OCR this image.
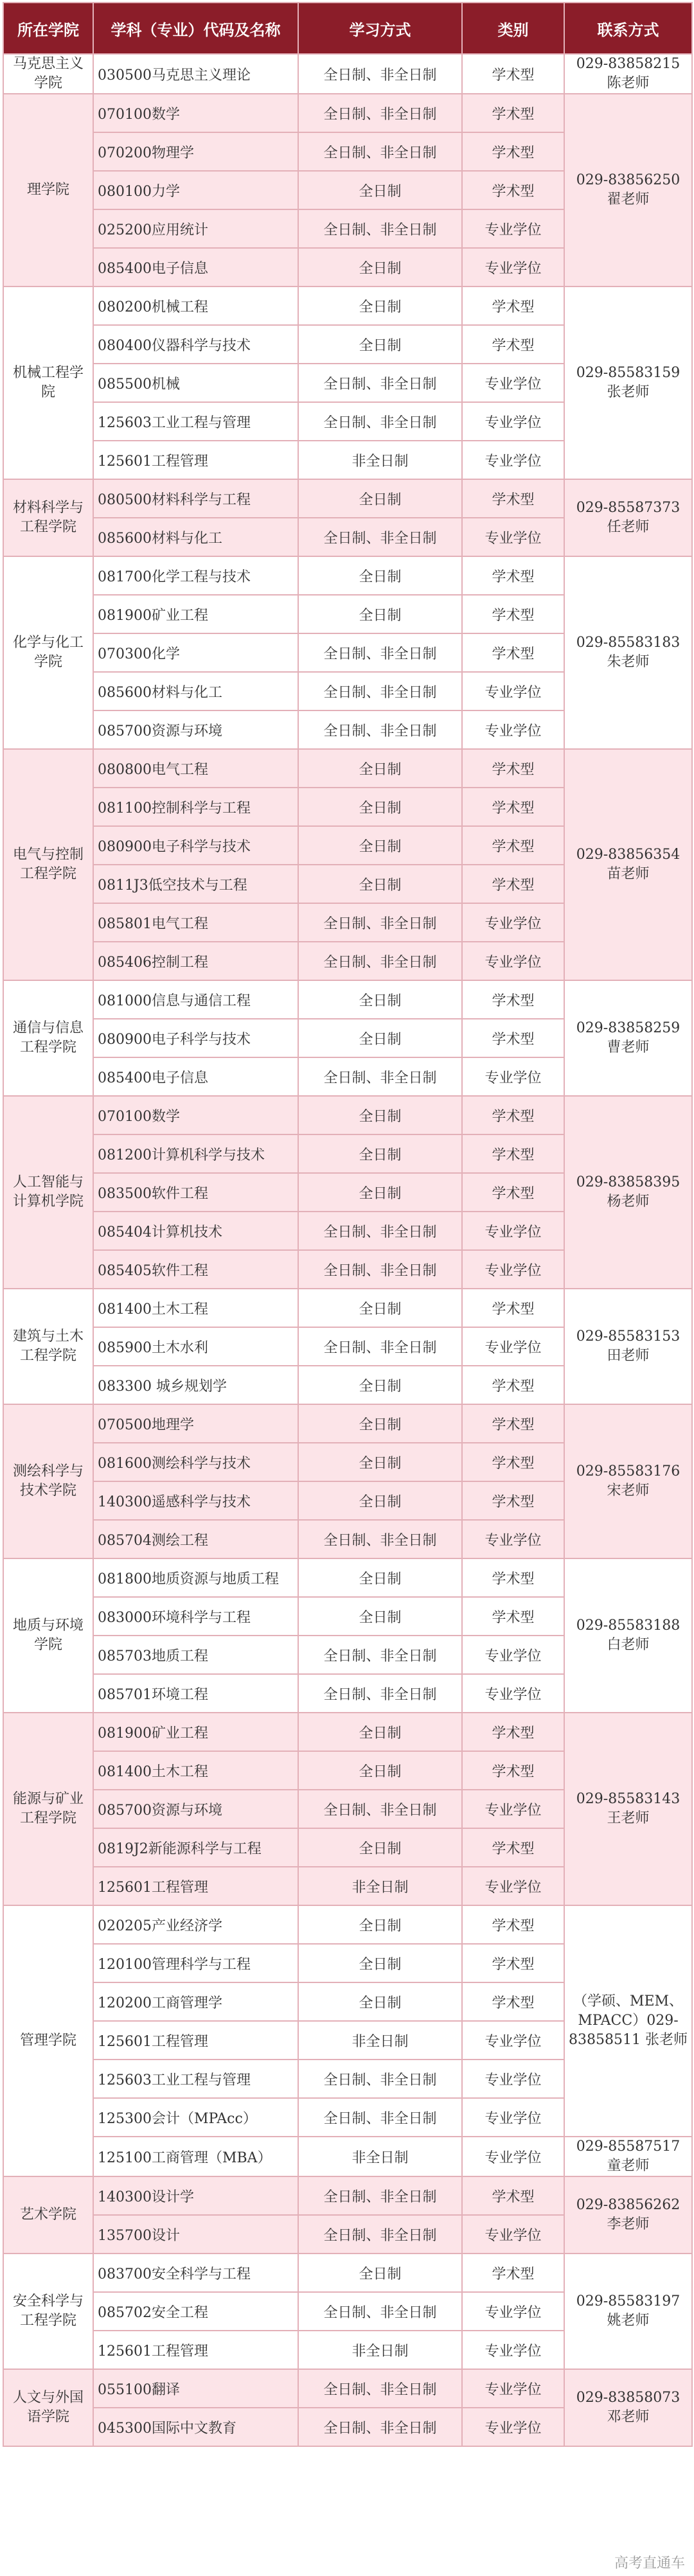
所在学院	学科（专业）代码及名称	学习方式	类别	联系方式
马克思主义学院	030500马克思主义理论	全日制、非全日制	学术型	029-83858215 陈老师
理学院	070100数学	全日制、非全日制	学术型	029-83856250 翟老师
	070200物理学	全日制、非全日制	学术型	
	080100力学	全日制	学术型	
	025200应用统计	全日制、非全日制	专业学位	
	085400电子信息	全日制	专业学位	
机械工程学院	080200机械工程	全日制	学术型	029-85583159 张老师
	080400仪器科学与技术	全日制	学术型	
	085500机械	全日制、非全日制	专业学位	
	125603工业工程与管理	全日制、非全日制	专业学位	
	125601工程管理	非全日制	专业学位	
材料科学与工程学院	080500材料科学与工程	全日制	学术型	029-85587373 任老师
	085600材料与化工	全日制、非全日制	专业学位	
化学与化工学院	081700化学工程与技术	全日制	学术型	029-85583183 朱老师
	081900矿业工程	全日制	学术型	
	070300化学	全日制、非全日制	学术型	
	085600材料与化工	全日制、非全日制	专业学位	
	085700资源与环境	全日制、非全日制	专业学位	
电气与控制工程学院	080800电气工程	全日制	学术型	029-83856354 苗老师
	081100控制科学与工程	全日制	学术型	
	080900电子科学与技术	全日制	学术型	
	0811J3低空技术与工程	全日制	学术型	
	085801电气工程	全日制、非全日制	专业学位	
	085406控制工程	全日制、非全日制	专业学位	
通信与信息工程学院	081000信息与通信工程	全日制	学术型	029-83858259 曹老师
	080900电子科学与技术	全日制	学术型	
	085400电子信息	全日制、非全日制	专业学位	
人工智能与计算机学院	070100数学	全日制	学术型	029-83858395 杨老师
	081200计算机科学与技术	全日制	学术型	
	083500软件工程	全日制	学术型	
	085404计算机技术	全日制、非全日制	专业学位	
	085405软件工程	全日制、非全日制	专业学位	
建筑与土木工程学院	081400土木工程	全日制	学术型	029-85583153 田老师
	085900土木水利	全日制、非全日制	专业学位	
	083300 城乡规划学	全日制	学术型	
测绘科学与技术学院	070500地理学	全日制	学术型	029-85583176 宋老师
	081600测绘科学与技术	全日制	学术型	
	140300遥感科学与技术	全日制	学术型	
	085704测绘工程	全日制、非全日制	专业学位	
地质与环境学院	081800地质资源与地质工程	全日制	学术型	029-85583188 白老师
	083000环境科学与工程	全日制	学术型	
	085703地质工程	全日制、非全日制	专业学位	
	085701环境工程	全日制、非全日制	专业学位	
能源与矿业工程学院	081900矿业工程	全日制	学术型	029-85583143 王老师
	081400土木工程	全日制	学术型	
	085700资源与环境	全日制、非全日制	专业学位	
	0819J2新能源科学与工程	全日制	学术型	
	125601工程管理	非全日制	专业学位	
管理学院	020205产业经济学	全日制	学术型	（学硕、MEM、MPACC）029-83858511 张老师
	120100管理科学与工程	全日制	学术型	
	120200工商管理学	全日制	学术型	
	125601工程管理	非全日制	专业学位	
	125603工业工程与管理	全日制、非全日制	专业学位	
	125300会计（MPAcc）	全日制、非全日制	专业学位	
	125100工商管理（MBA）	非全日制	专业学位	029-85587517 童老师
艺术学院	140300设计学	全日制、非全日制	学术型	029-83856262 李老师
	135700设计	全日制、非全日制	专业学位	
安全科学与工程学院	083700安全科学与工程	全日制	学术型	029-85583197 姚老师
	085702安全工程	全日制、非全日制	专业学位	
	125601工程管理	非全日制	专业学位	
人文与外国语学院	055100翻译	全日制、非全日制	专业学位	029-83858073 邓老师
	045300国际中文教育	全日制、非全日制	专业学位	
高考直通车
